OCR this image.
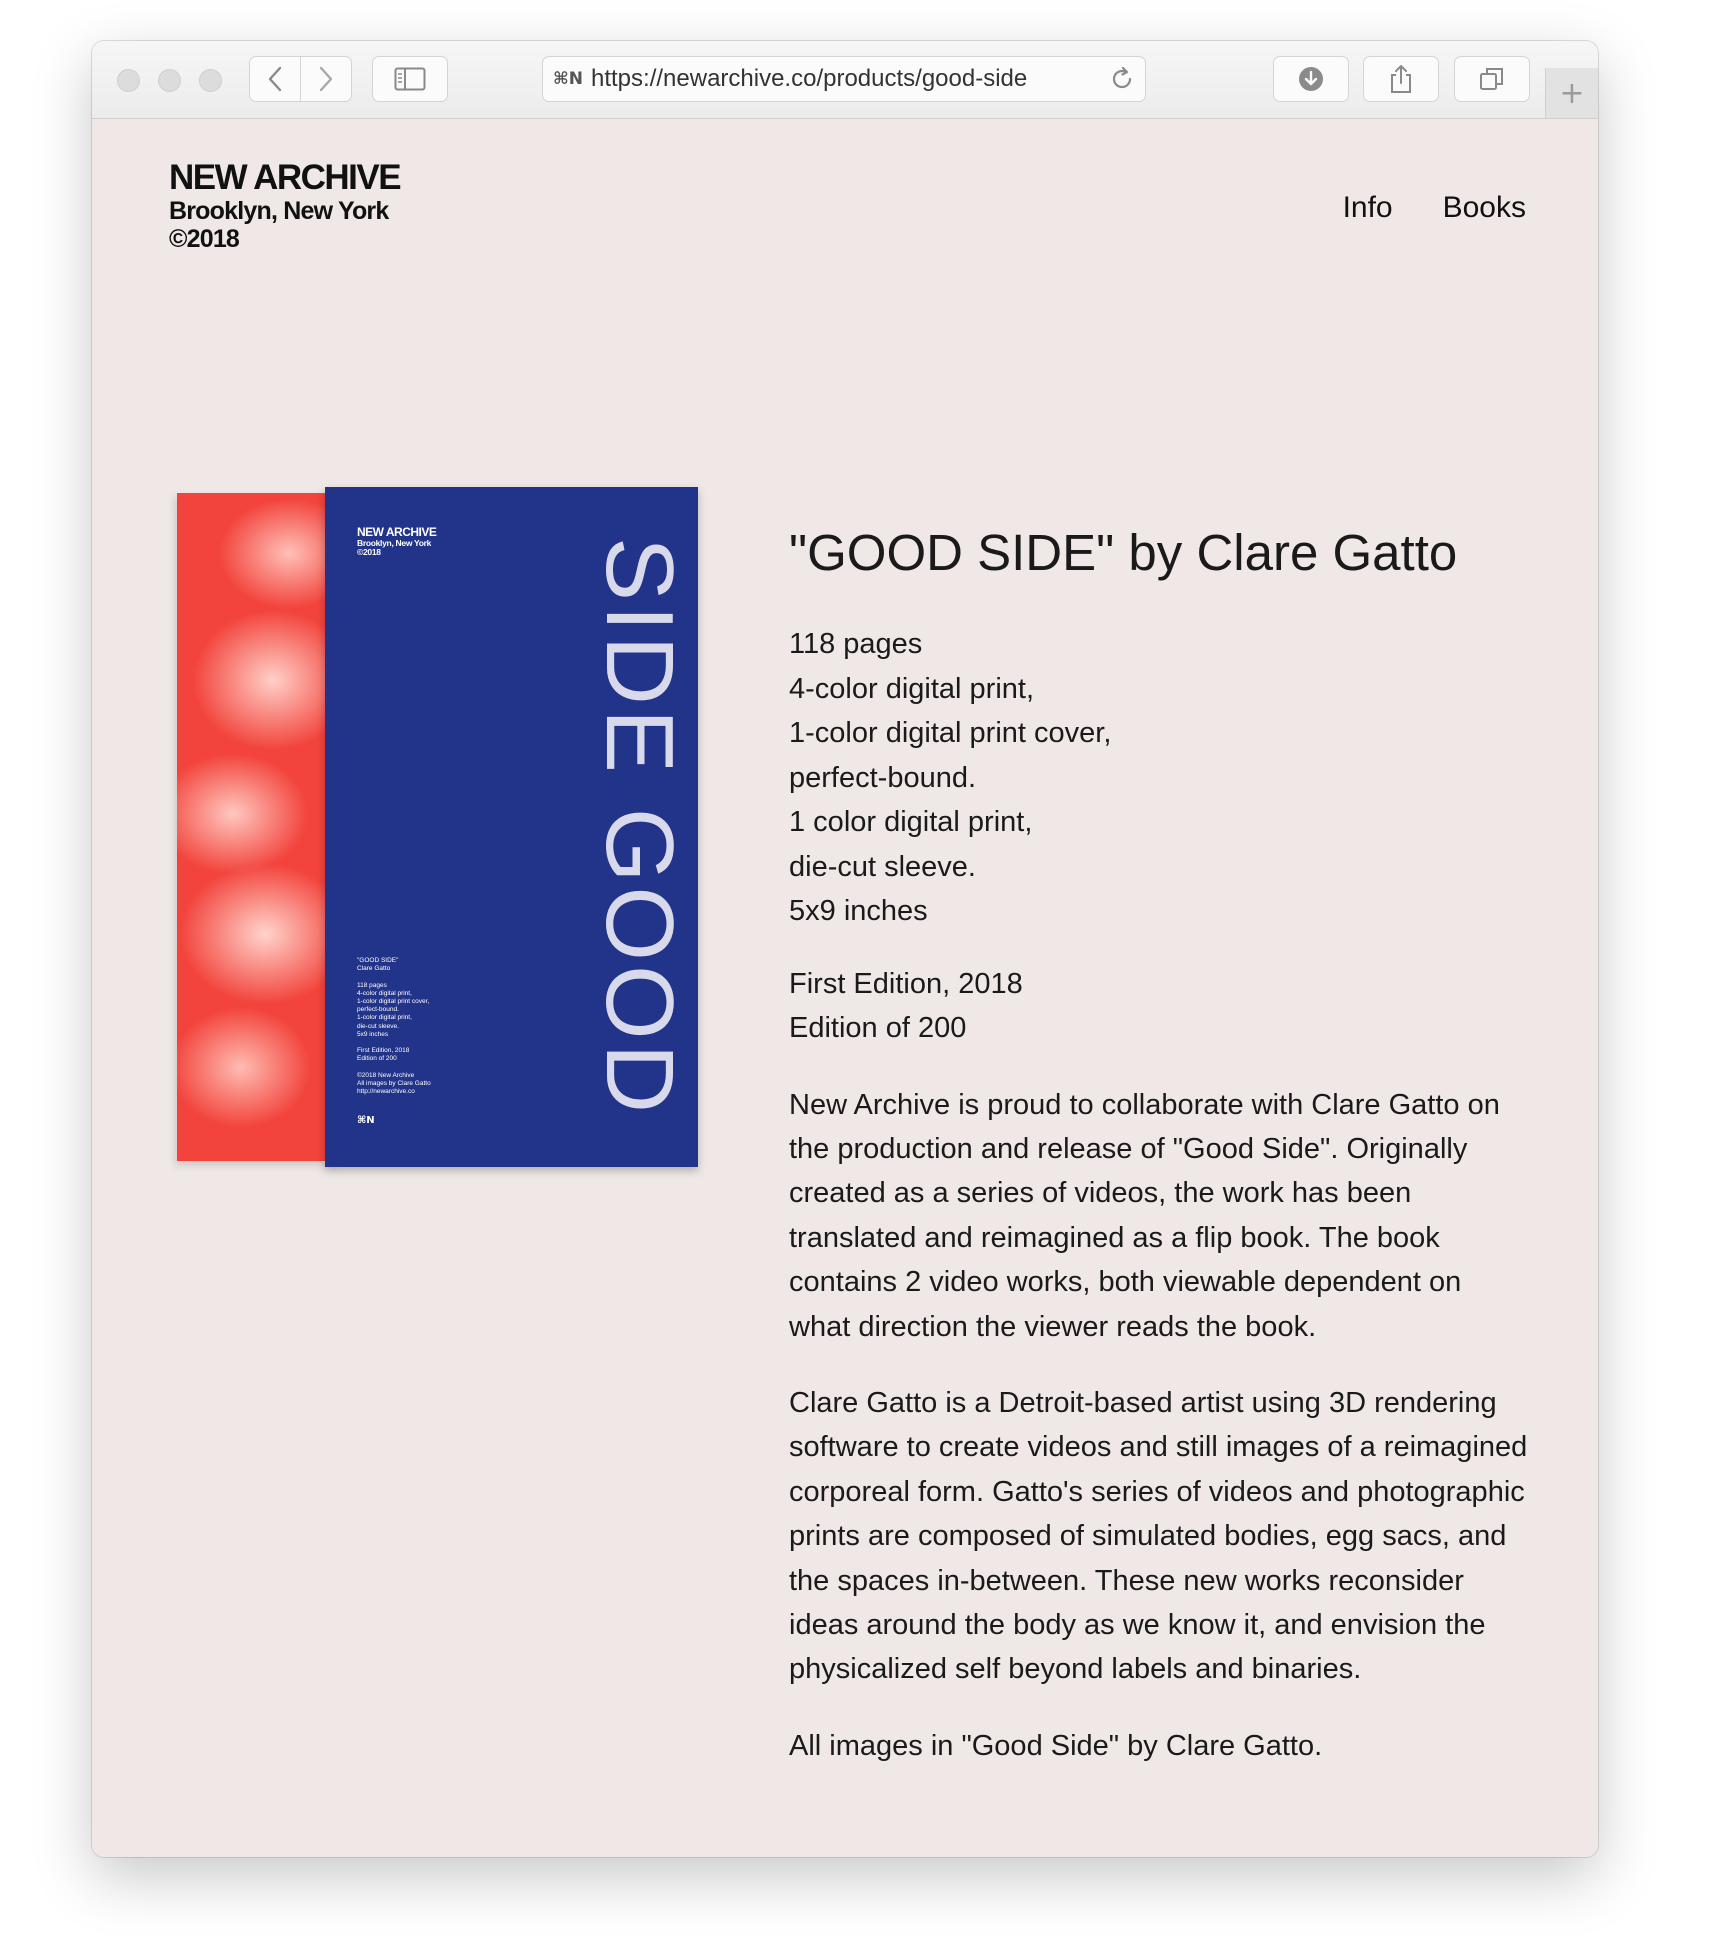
⌘N https://newarchive.co/products/good-side	+
NEW ARCHIVE
Brooklyn, New York
©2018
Info Books
NEW ARCHIVE
Brooklyn, New York
©2018	SIDE GOOD
"GOOD SIDE"
Clare Gatto

118 pages
4-color digital print,
1-color digital print cover,
perfect-bound.
1-color digital print,
die-cut sleeve.
5x9 inches

First Edition, 2018
Edition of 200

©2018 New Archive
All images by Clare Gatto
http://newarchive.co
⌘N
"GOOD SIDE" by Clare Gatto
118 pages
4-color digital print,
1-color digital print cover,
perfect-bound.
1 color digital print,
die-cut sleeve.
5x9 inches
First Edition, 2018
Edition of 200

New Archive is proud to collaborate with Clare Gatto on the production and release of "Good Side". Originally created as a series of videos, the work has been translated and reimagined as a flip book. The book contains 2 video works, both viewable dependent on what direction the viewer reads the book.

Clare Gatto is a Detroit-based artist using 3D rendering software to create videos and still images of a reimagined corporeal form. Gatto's series of videos and photographic prints are composed of simulated bodies, egg sacs, and the spaces in-between. These new works reconsider ideas around the body as we know it, and envision the physicalized self beyond labels and binaries.

All images in "Good Side" by Clare Gatto.
